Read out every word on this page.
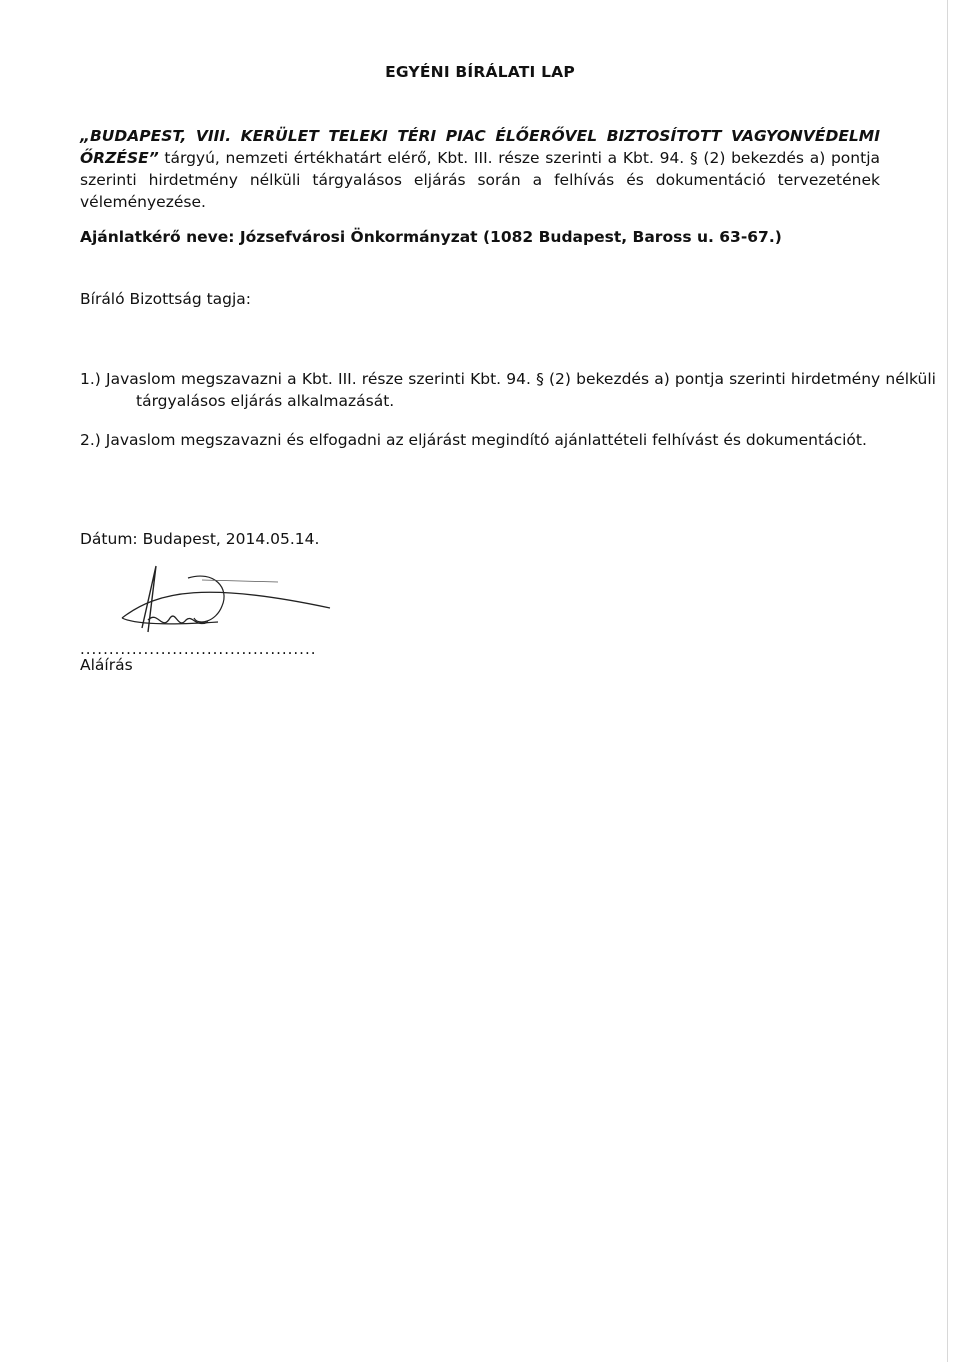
EGYÉNI BÍRÁLATI LAP
„BUDAPEST, VIII. KERÜLET TELEKI TÉRI PIAC ÉLŐERŐVEL BIZTOSÍTOTT VAGYONVÉDELMI ŐRZÉSE” tárgyú, nemzeti értékhatárt elérő, Kbt. III. része szerinti a Kbt. 94. § (2) bekezdés a) pontja szerinti hirdetmény nélküli tárgyalásos eljárás során a felhívás és dokumentáció tervezetének véleményezése.
Ajánlatkérő neve: Józsefvárosi Önkormányzat (1082 Budapest, Baross u. 63-67.)
Bíráló Bizottság tagja:
1.) Javaslom megszavazni a Kbt. III. része szerinti Kbt. 94. § (2) bekezdés a) pontja szerinti hirdetmény nélküli tárgyalásos eljárás alkalmazását.
2.) Javaslom megszavazni és elfogadni az eljárást megindító ajánlattételi felhívást és dokumentációt.
Dátum: Budapest, 2014.05.14.
.........................................
Aláírás
